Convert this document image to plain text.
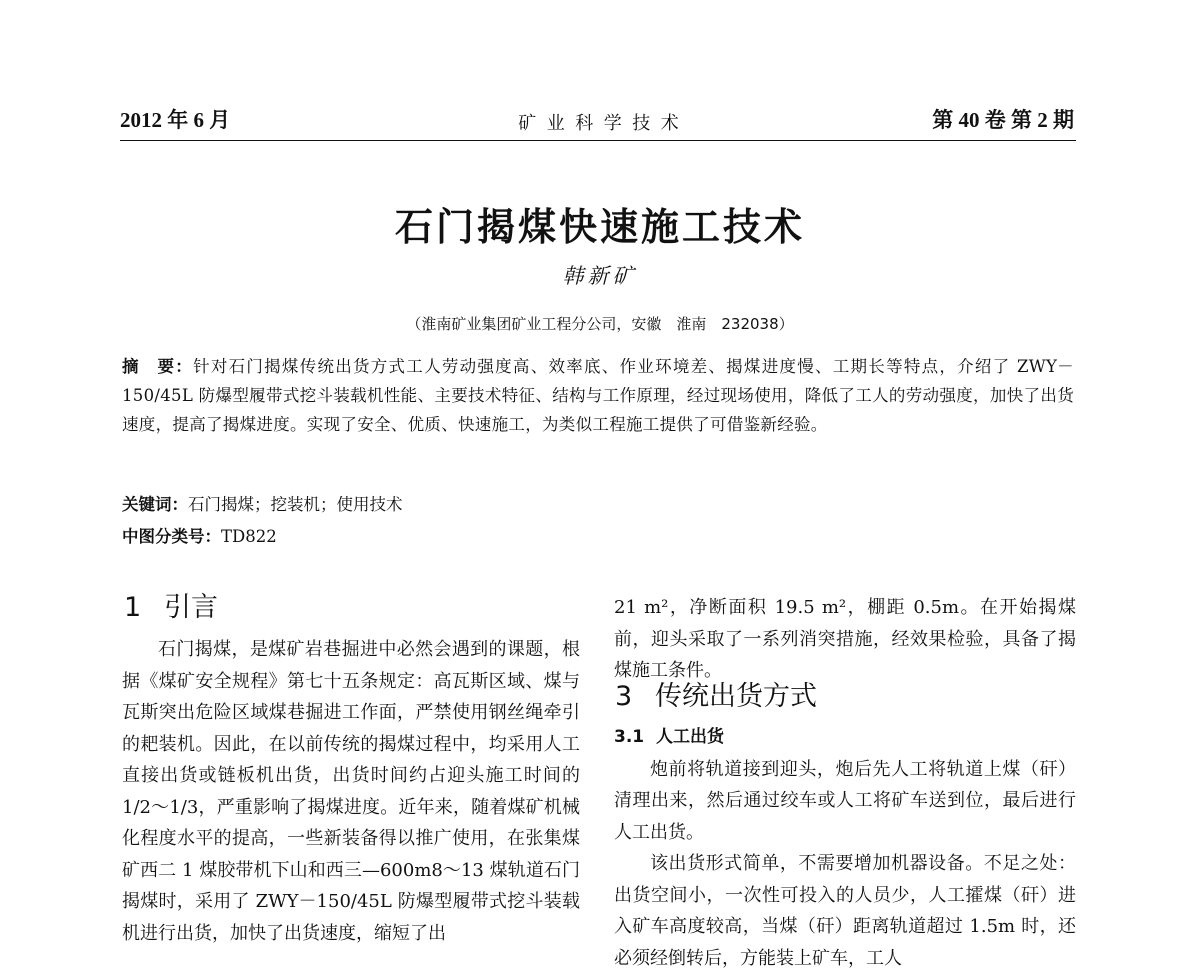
2012 年 6 月	矿 业 科 学 技 术	第 40 卷 第 2 期
石门揭煤快速施工技术
韩新矿
（淮南矿业集团矿业工程分公司，安徽　淮南　232038）
摘　要：针对石门揭煤传统出货方式工人劳动强度高、效率底、作业环境差、揭煤进度慢、工期长等特点，介绍了 ZWY－150/45L 防爆型履带式挖斗装载机性能、主要技术特征、结构与工作原理，经过现场使用，降低了工人的劳动强度，加快了出货速度，提高了揭煤进度。实现了安全、优质、快速施工，为类似工程施工提供了可借鉴新经验。
关键词：石门揭煤；挖装机；使用技术
中图分类号：TD822
1 引言

石门揭煤，是煤矿岩巷掘进中必然会遇到的课题，根据《煤矿安全规程》第七十五条规定：高瓦斯区域、煤与瓦斯突出危险区域煤巷掘进工作面，严禁使用钢丝绳牵引的耙装机。因此，在以前传统的揭煤过程中，均采用人工直接出货或链板机出货，出货时间约占迎头施工时间的 1/2～1/3，严重影响了揭煤进度。近年来，随着煤矿机械化程度水平的提高，一些新装备得以推广使用，在张集煤矿西二 1 煤胶带机下山和西三—600m8～13 煤轨道石门揭煤时，采用了 ZWY－150/45L 防爆型履带式挖斗装载机进行出货，加快了出货速度，缩短了出

21 m²，净断面积 19.5 m²，棚距 0.5m。在开始揭煤前，迎头采取了一系列消突措施，经效果检验，具备了揭煤施工条件。

3 传统出货方式

3.1 人工出货

炮前将轨道接到迎头，炮后先人工将轨道上煤（矸）清理出来，然后通过绞车或人工将矿车送到位，最后进行人工出货。

该出货形式简单，不需要增加机器设备。不足之处：出货空间小，一次性可投入的人员少，人工攉煤（矸）进入矿车高度较高，当煤（矸）距离轨道超过 1.5m 时，还必须经倒转后，方能装上矿车，工人
